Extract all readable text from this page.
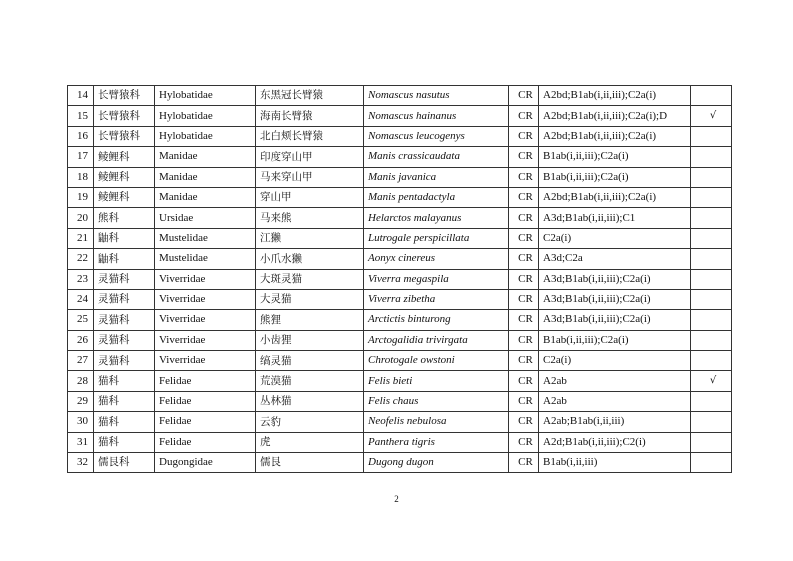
14	长臂猿科	Hylobatidae	东黑冠长臂猿	Nomascus nasutus	CR	A2bd;B1ab(i,ii,iii);C2a(i)	
15	长臂猿科	Hylobatidae	海南长臂猿	Nomascus hainanus	CR	A2bd;B1ab(i,ii,iii);C2a(i);D	√
16	长臂猿科	Hylobatidae	北白颊长臂猿	Nomascus leucogenys	CR	A2bd;B1ab(i,ii,iii);C2a(i)	
17	鲮鲤科	Manidae	印度穿山甲	Manis crassicaudata	CR	B1ab(i,ii,iii);C2a(i)	
18	鲮鲤科	Manidae	马来穿山甲	Manis javanica	CR	B1ab(i,ii,iii);C2a(i)	
19	鲮鲤科	Manidae	穿山甲	Manis pentadactyla	CR	A2bd;B1ab(i,ii,iii);C2a(i)	
20	熊科	Ursidae	马来熊	Helarctos malayanus	CR	A3d;B1ab(i,ii,iii);C1	
21	鼬科	Mustelidae	江獭	Lutrogale perspicillata	CR	C2a(i)	
22	鼬科	Mustelidae	小爪水獭	Aonyx cinereus	CR	A3d;C2a	
23	灵猫科	Viverridae	大斑灵猫	Viverra megaspila	CR	A3d;B1ab(i,ii,iii);C2a(i)	
24	灵猫科	Viverridae	大灵猫	Viverra zibetha	CR	A3d;B1ab(i,ii,iii);C2a(i)	
25	灵猫科	Viverridae	熊狸	Arctictis binturong	CR	A3d;B1ab(i,ii,iii);C2a(i)	
26	灵猫科	Viverridae	小齿狸	Arctogalidia trivirgata	CR	B1ab(i,ii,iii);C2a(i)	
27	灵猫科	Viverridae	缟灵猫	Chrotogale owstoni	CR	C2a(i)	
28	猫科	Felidae	荒漠猫	Felis bieti	CR	A2ab	√
29	猫科	Felidae	丛林猫	Felis chaus	CR	A2ab	
30	猫科	Felidae	云豹	Neofelis nebulosa	CR	A2ab;B1ab(i,ii,iii)	
31	猫科	Felidae	虎	Panthera tigris	CR	A2d;B1ab(i,ii,iii);C2(i)	
32	儒艮科	Dugongidae	儒艮	Dugong dugon	CR	B1ab(i,ii,iii)	
2
